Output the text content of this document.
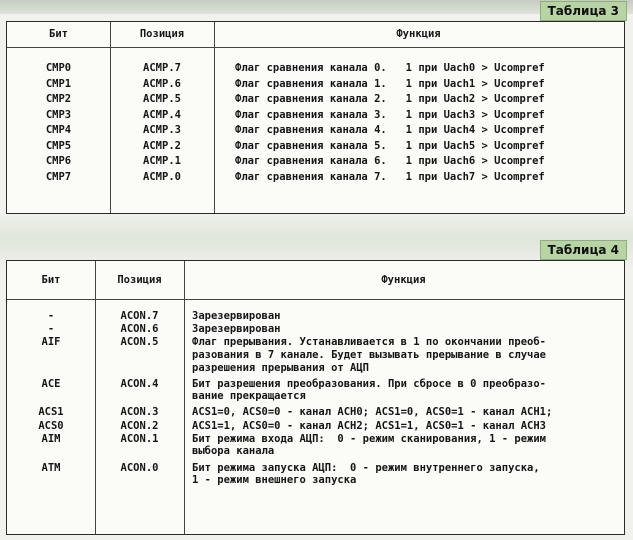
Таблица 3
Бит	Позиция	Функция
CMP0	ACMP.7	Флаг сравнения канала 0.   1 при Uach0 > Ucompref
CMP1	ACMP.6	Флаг сравнения канала 1.   1 при Uach1 > Ucompref
CMP2	ACMP.5	Флаг сравнения канала 2.   1 при Uach2 > Ucompref
CMP3	ACMP.4	Флаг сравнения канала 3.   1 при Uach3 > Ucompref
CMP4	ACMP.3	Флаг сравнения канала 4.   1 при Uach4 > Ucompref
CMP5	ACMP.2	Флаг сравнения канала 5.   1 при Uach5 > Ucompref
CMP6	ACMP.1	Флаг сравнения канала 6.   1 при Uach6 > Ucompref
CMP7	ACMP.0	Флаг сравнения канала 7.   1 при Uach7 > Ucompref
Таблица 4
Бит	Позиция	Функция
-	ACON.7	Зарезервирован
-	ACON.6	Зарезервирован
AIF	ACON.5	Флаг прерывания. Устанавливается в 1 по окончании преоб-
разования в 7 канале. Будет вызывать прерывание в случае
разрешения прерывания от АЦП
ACE	ACON.4	Бит разрешения преобразования. При сбросе в 0 преобразо-
вание прекращается
ACS1	ACON.3	ACS1=0, ACS0=0 - канал ACH0; ACS1=0, ACS0=1 - канал ACH1;
ACS0	ACON.2	ACS1=1, ACS0=0 - канал ACH2; ACS1=1, ACS0=1 - канал ACH3
AIM	ACON.1	Бит режима входа АЦП:  0 - режим сканирования, 1 - режим
выбора канала
ATM	ACON.0	Бит режима запуска АЦП:  0 - режим внутреннего запуска,
1 - режим внешнего запуска
